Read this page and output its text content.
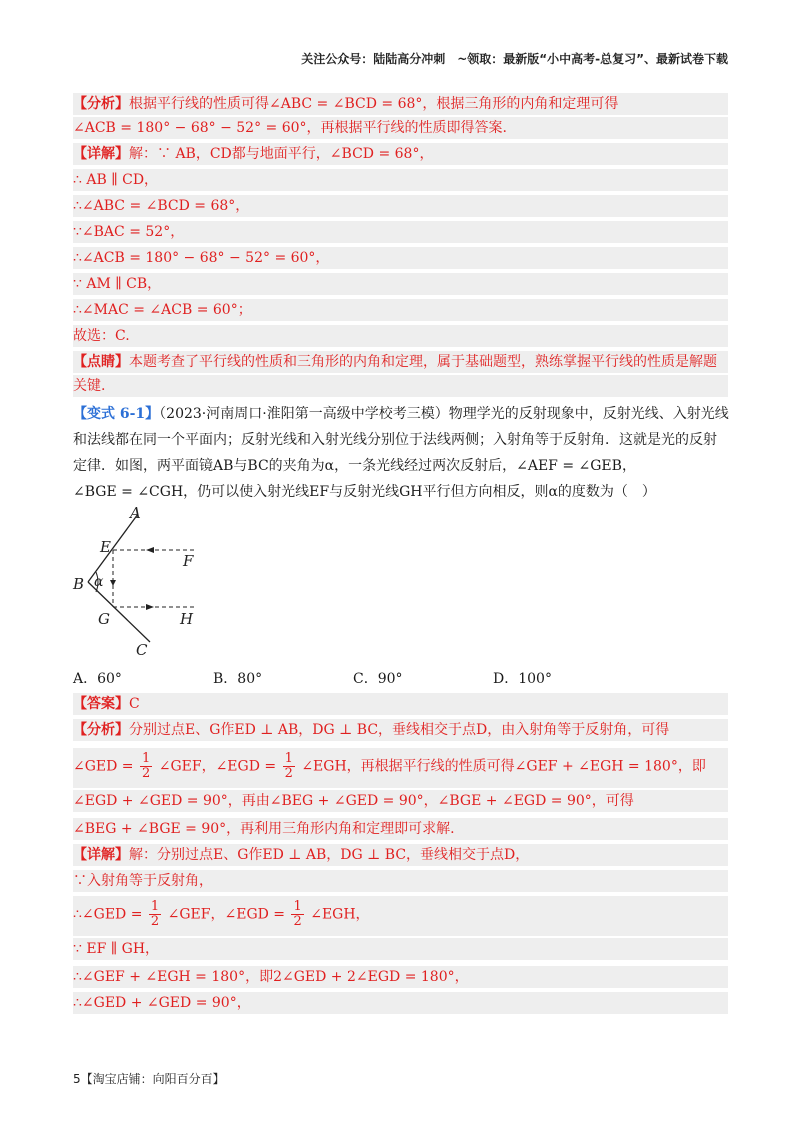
关注公众号：陆陆高分冲刺　~领取：最新版“小中高考-总复习”、最新试卷下载
【分析】根据平行线的性质可得∠ABC = ∠BCD = 68°，根据三角形的内角和定理可得
∠ACB = 180° − 68° − 52° = 60°，再根据平行线的性质即得答案.
【详解】解：∵ AB，CD都与地面平行，∠BCD = 68°，
∴ AB ∥ CD，
∴∠ABC = ∠BCD = 68°，
∵∠BAC = 52°，
∴∠ACB = 180° − 68° − 52° = 60°，
∵ AM ∥ CB，
∴∠MAC = ∠ACB = 60°；
故选：C.
【点睛】本题考查了平行线的性质和三角形的内角和定理，属于基础题型，熟练掌握平行线的性质是解题
关键.
【变式 6-1】（2023·河南周口·淮阳第一高级中学校考三模）物理学光的反射现象中，反射光线、入射光线
和法线都在同一个平面内；反射光线和入射光线分别位于法线两侧；入射角等于反射角．这就是光的反射
定律．如图，两平面镜AB与BC的夹角为α，一条光线经过两次反射后，∠AEF = ∠GEB，
∠BGE = ∠CGH，仍可以使入射光线EF与反射光线GH平行但方向相反，则α的度数为（　）
A
E
F
B α
G	H
C
A．60°	B．80°	C．90°	D．100°
【答案】C
【分析】分别过点E、G作ED ⊥ AB，DG ⊥ BC，垂线相交于点D，由入射角等于反射角，可得
∠GED = $\frac{1}{2}$ ∠GEF，∠EGD = $\frac{1}{2}$ ∠EGH，再根据平行线的性质可得∠GEF + ∠EGH = 180°，即
∠EGD + ∠GED = 90°，再由∠BEG + ∠GED = 90°，∠BGE + ∠EGD = 90°，可得
∠BEG + ∠BGE = 90°，再利用三角形内角和定理即可求解.
【详解】解：分别过点E、G作ED ⊥ AB，DG ⊥ BC，垂线相交于点D，
∵入射角等于反射角，
∴∠GED = $\frac{1}{2}$ ∠GEF，∠EGD = $\frac{1}{2}$ ∠EGH，
∵ EF ∥ GH，
∴∠GEF + ∠EGH = 180°，即2∠GED + 2∠EGD = 180°，
∴∠GED + ∠GED = 90°，
5【淘宝店铺：向阳百分百】
